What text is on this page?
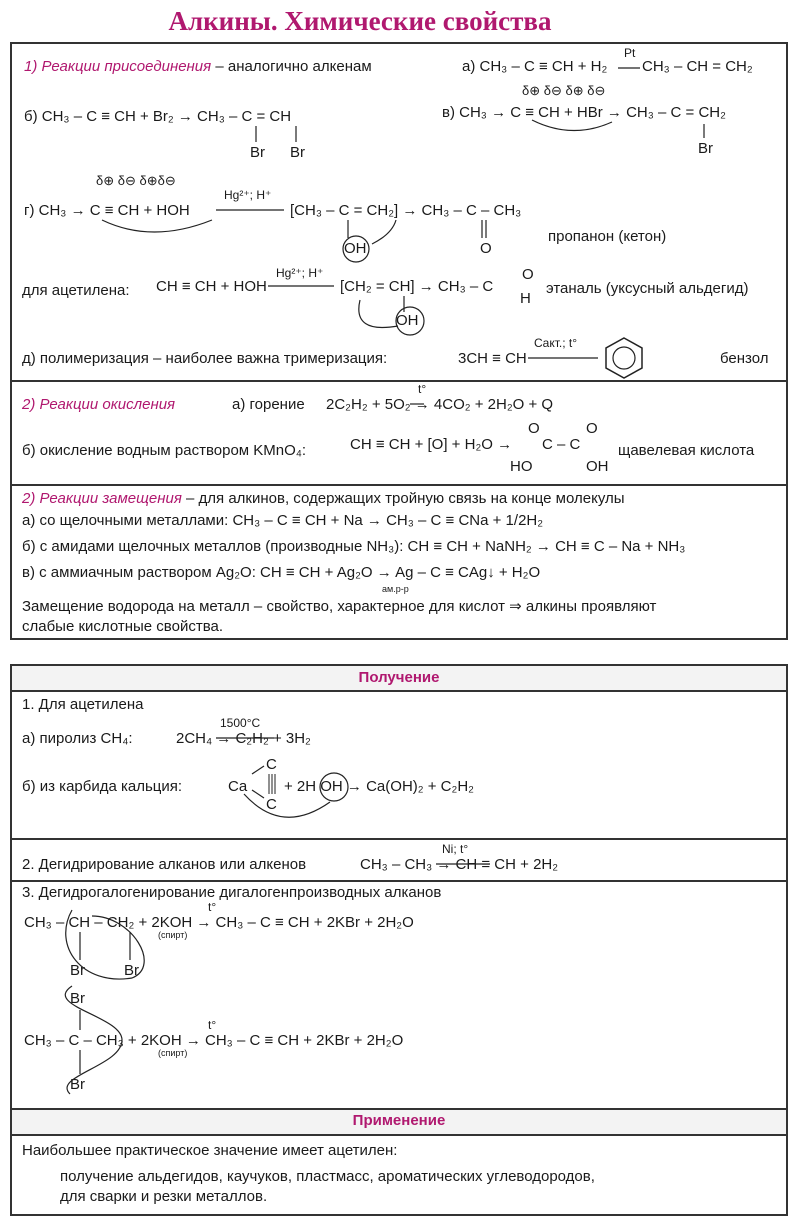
Алкины. Химические свойства
1) Реакции присоединения – аналогично алкенам	а) CH₃ – C ≡ CH + H₂
Pt
CH₃ – CH = CH₂
б) CH₃ – C ≡ CH + Br₂ → CH₃ – C = CH
Br Br
δ⊕ δ⊖ δ⊕ δ⊖
в) CH₃ → C ≡ CH + HBr → CH₃ – C = CH₂
Br
δ⊕ δ⊖ δ⊕δ⊖
г) CH₃ → C ≡ CH + HOH
Hg²⁺; H⁺
[CH₃ – C = CH₂] → CH₃ – C – CH₃
OH	O
пропанон (кетон)
для ацетилена: CH ≡ CH + HOH
Hg²⁺; H⁺
[CH₂ = CH] → CH₃ – C
O
H
OH
этаналь (уксусный альдегид)
д) полимеризация – наиболее важна тримеризация:	3CH ≡ CH
Cакт.; t°
бензол
2) Реакции окисления	а) горение 2C₂H₂ + 5O₂ → 4CO₂ + 2H₂O + Q
t°
б) окисление водным раствором KMnO₄:	CH ≡ CH + [O] + H₂O →
O	O
C – C
HO	OH
щавелевая кислота
2) Реакции замещения – для алкинов, содержащих тройную связь на конце молекулы
а) со щелочными металлами: CH₃ – C ≡ CH + Na → CH₃ – C ≡ CNa + 1/2H₂
б) с амидами щелочных металлов (производные NH₃): CH ≡ CH + NaNH₂ → CH ≡ C – Na + NH₃
в) с аммиачным раствором Ag₂O: CH ≡ CH + Ag₂O → Ag – C ≡ CAg↓ + H₂O
ам.р-р
Замещение водорода на металл – свойство, характерное для кислот ⇒ алкины проявляют
слабые кислотные свойства.
Получение
1. Для ацетилена
а) пиролиз CH₄:	2CH₄ → C₂H₂ + 3H₂
1500°C
б) из карбида кальция:	Ca
C
C
+ 2H OH → Ca(OH)₂ + C₂H₂
2. Дегидрирование алканов или алкенов	CH₃ – CH₃ → CH ≡ CH + 2H₂
Ni; t°
3. Дегидрогалогенирование дигалогенпроизводных алканов
CH₃ – CH – CH₂ + 2KOH → CH₃ – C ≡ CH + 2KBr + 2H₂O
t°
(спирт)
Br	Br
Br
CH₃ – C – CH₃ + 2KOH → CH₃ – C ≡ CH + 2KBr + 2H₂O
t°
(спирт)
Br
Применение
Наибольшее практическое значение имеет ацетилен:
получение альдегидов, каучуков, пластмасс, ароматических углеводородов,
для сварки и резки металлов.
